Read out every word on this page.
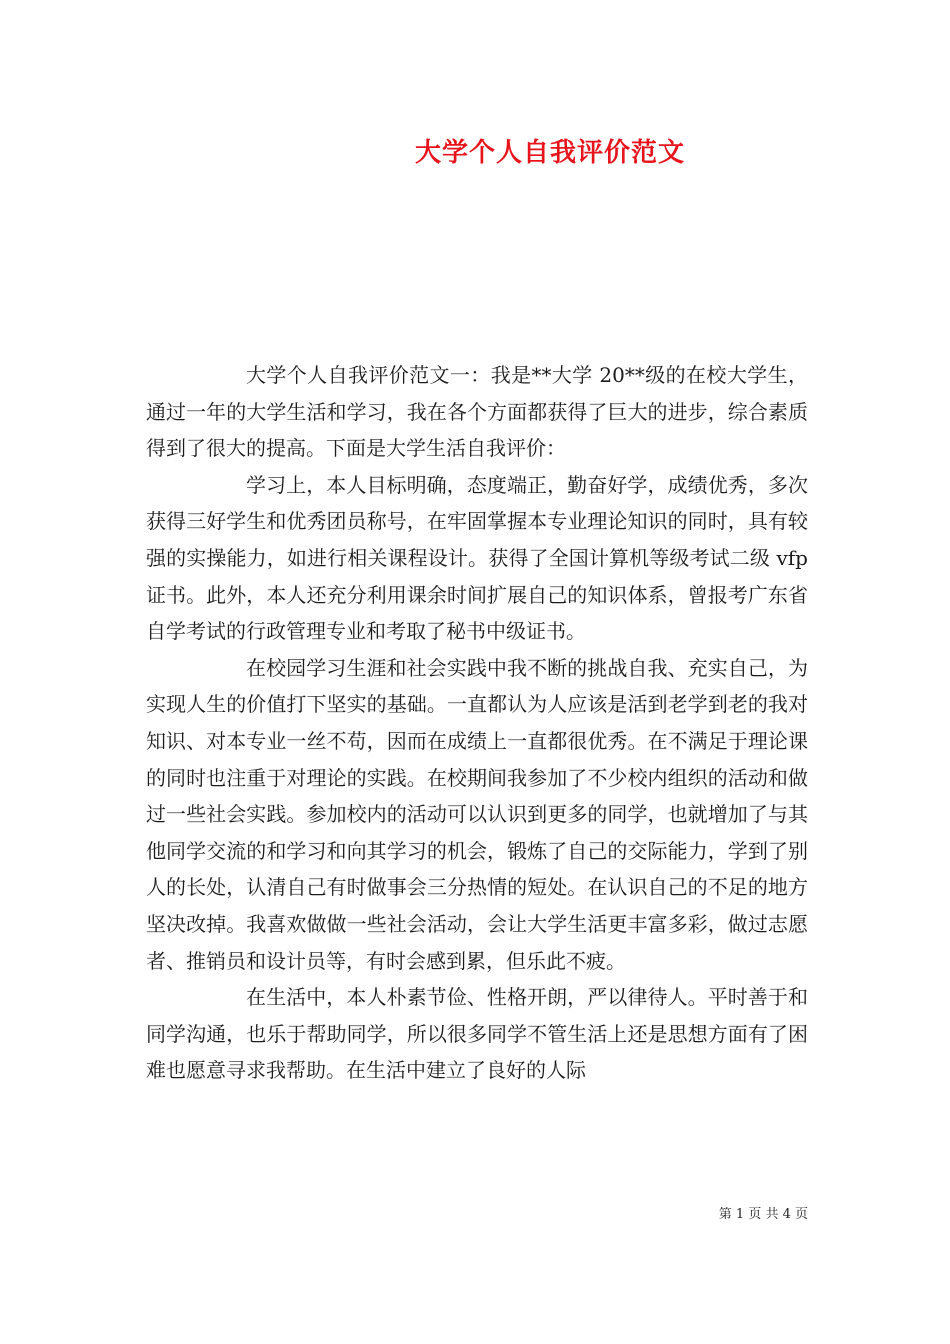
大学个人自我评价范文

大学个人自我评价范文一：我是**大学 20**级的在校大学生，通过一年的大学生活和学习，我在各个方面都获得了巨大的进步，综合素质得到了很大的提高。下面是大学生活自我评价：

学习上，本人目标明确，态度端正，勤奋好学，成绩优秀，多次获得三好学生和优秀团员称号，在牢固掌握本专业理论知识的同时，具有较强的实操能力，如进行相关课程设计。获得了全国计算机等级考试二级 vfp 证书。此外，本人还充分利用课余时间扩展自己的知识体系，曾报考广东省自学考试的行政管理专业和考取了秘书中级证书。

在校园学习生涯和社会实践中我不断的挑战自我、充实自己，为实现人生的价值打下坚实的基础。一直都认为人应该是活到老学到老的我对知识、对本专业一丝不苟，因而在成绩上一直都很优秀。在不满足于理论课的同时也注重于对理论的实践。在校期间我参加了不少校内组织的活动和做过一些社会实践。参加校内的活动可以认识到更多的同学，也就增加了与其他同学交流的和学习和向其学习的机会，锻炼了自己的交际能力，学到了别人的长处，认清自己有时做事会三分热情的短处。在认识自己的不足的地方坚决改掉。我喜欢做做一些社会活动，会让大学生活更丰富多彩，做过志愿者、推销员和设计员等，有时会感到累，但乐此不疲。

在生活中，本人朴素节俭、性格开朗，严以律待人。平时善于和同学沟通，也乐于帮助同学，所以很多同学不管生活上还是思想方面有了困难也愿意寻求我帮助。在生活中建立了良好的人际

第 1 页 共 4 页
